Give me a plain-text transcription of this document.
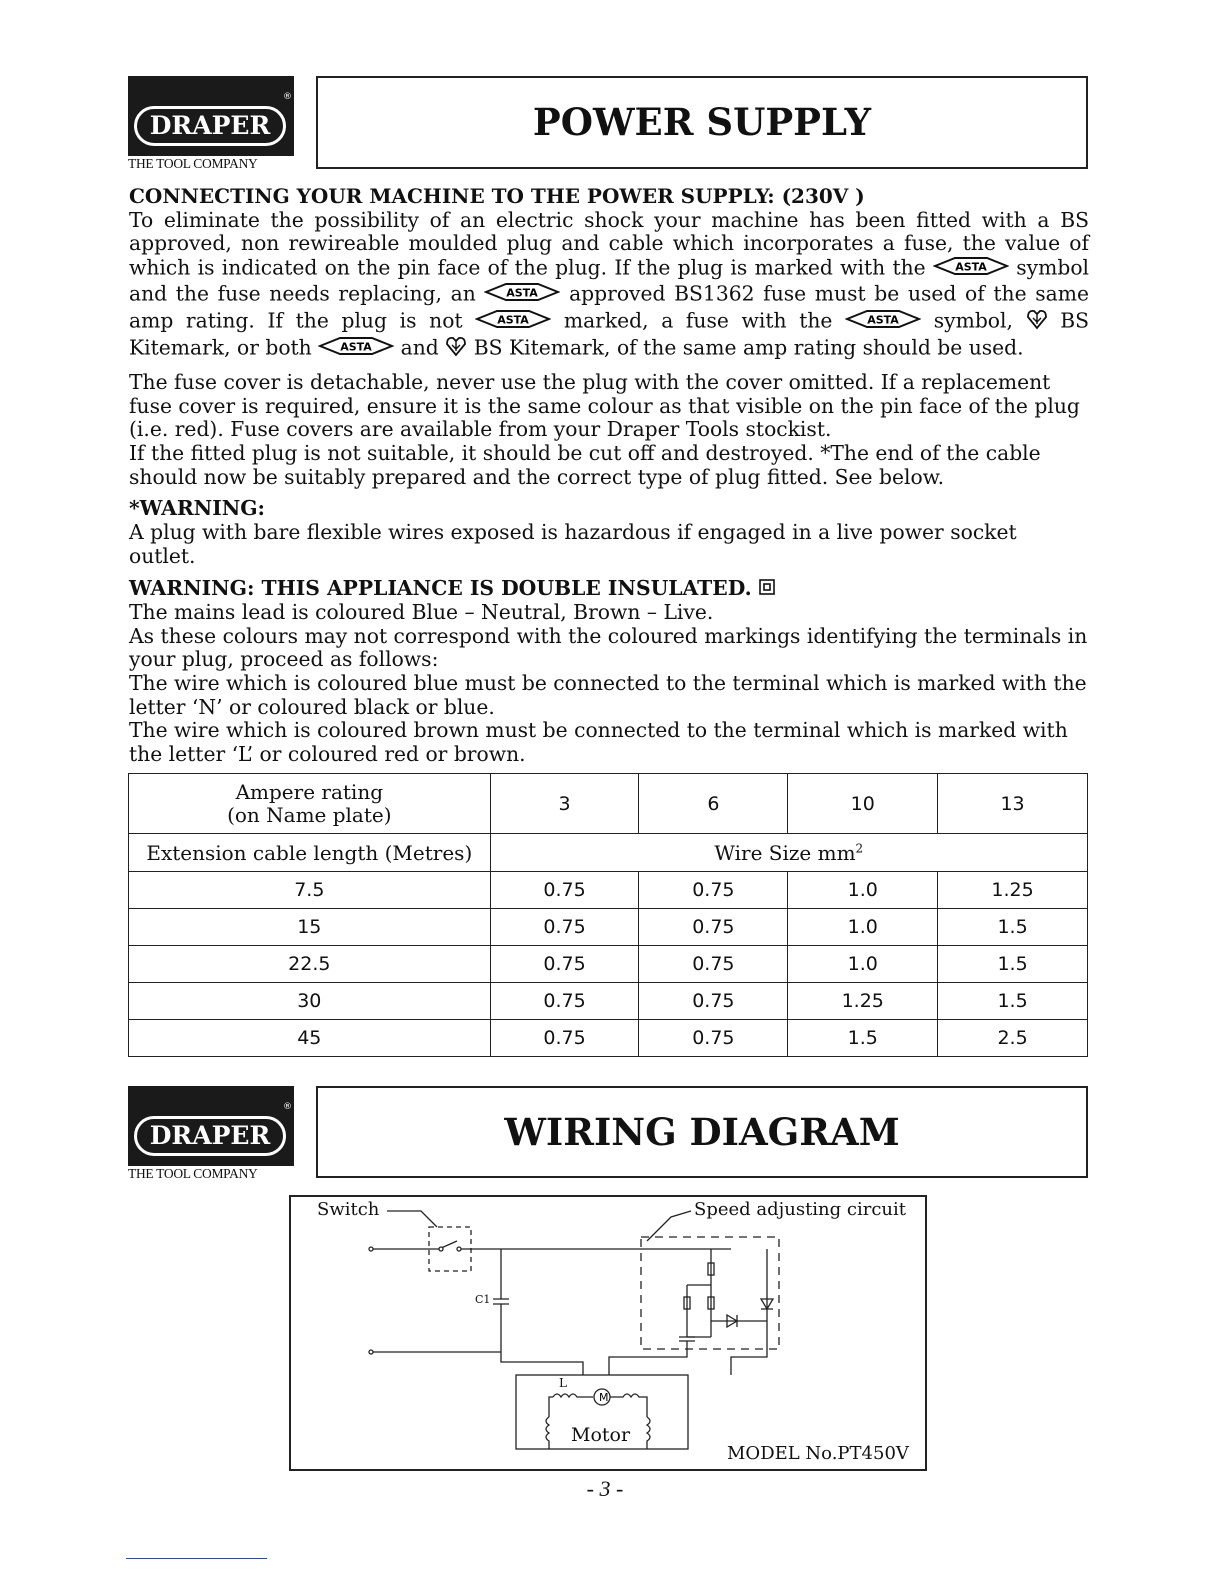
®
DRAPER
THE TOOL COMPANY
POWER SUPPLY

CONNECTING YOUR MACHINE TO THE POWER SUPPLY: (230V )

To eliminate the possibility of an electric shock your machine has been fitted with a BS approved, non rewireable moulded plug and cable which incorporates a fuse, the value of which is indicated on the pin face of the plug. If the plug is marked with the	ASTA symbol and the fuse needs replacing, an	ASTA approved BS1362 fuse must be used of the same amp rating. If the plug is not	ASTA marked, a fuse with the	ASTA symbol, BS Kitemark, or both	ASTA and BS Kitemark, of the same amp rating should be used.

The fuse cover is detachable, never use the plug with the cover omitted. If a replacement fuse cover is required, ensure it is the same colour as that visible on the pin face of the plug (i.e. red). Fuse covers are available from your Draper Tools stockist.

If the fitted plug is not suitable, it should be cut off and destroyed. *The end of the cable should now be suitably prepared and the correct type of plug fitted. See below.

*WARNING:

A plug with bare flexible wires exposed is hazardous if engaged in a live power socket outlet.

WARNING: THIS APPLIANCE IS DOUBLE INSULATED.

The mains lead is coloured Blue – Neutral, Brown – Live.

As these colours may not correspond with the coloured markings identifying the terminals in your plug, proceed as follows:

The wire which is coloured blue must be connected to the terminal which is marked with the letter ‘N’ or coloured black or blue.

The wire which is coloured brown must be connected to the terminal which is marked with the letter ‘L’ or coloured red or brown.

Ampere rating
(on Name plate)	3	6	10	13
Extension cable length (Metres)	Wire Size $mm^2$
7.5	0.75	0.75	1.0	1.25
15	0.75	0.75	1.0	1.5
22.5	0.75	0.75	1.0	1.5
30	0.75	0.75	1.25	1.5
45	0.75	0.75	1.5	2.5
®
DRAPER
THE TOOL COMPANY
WIRING DIAGRAM
M
Switch	Speed adjusting circuit
C1
L
Motor
MODEL No.PT450V
- 3 -
